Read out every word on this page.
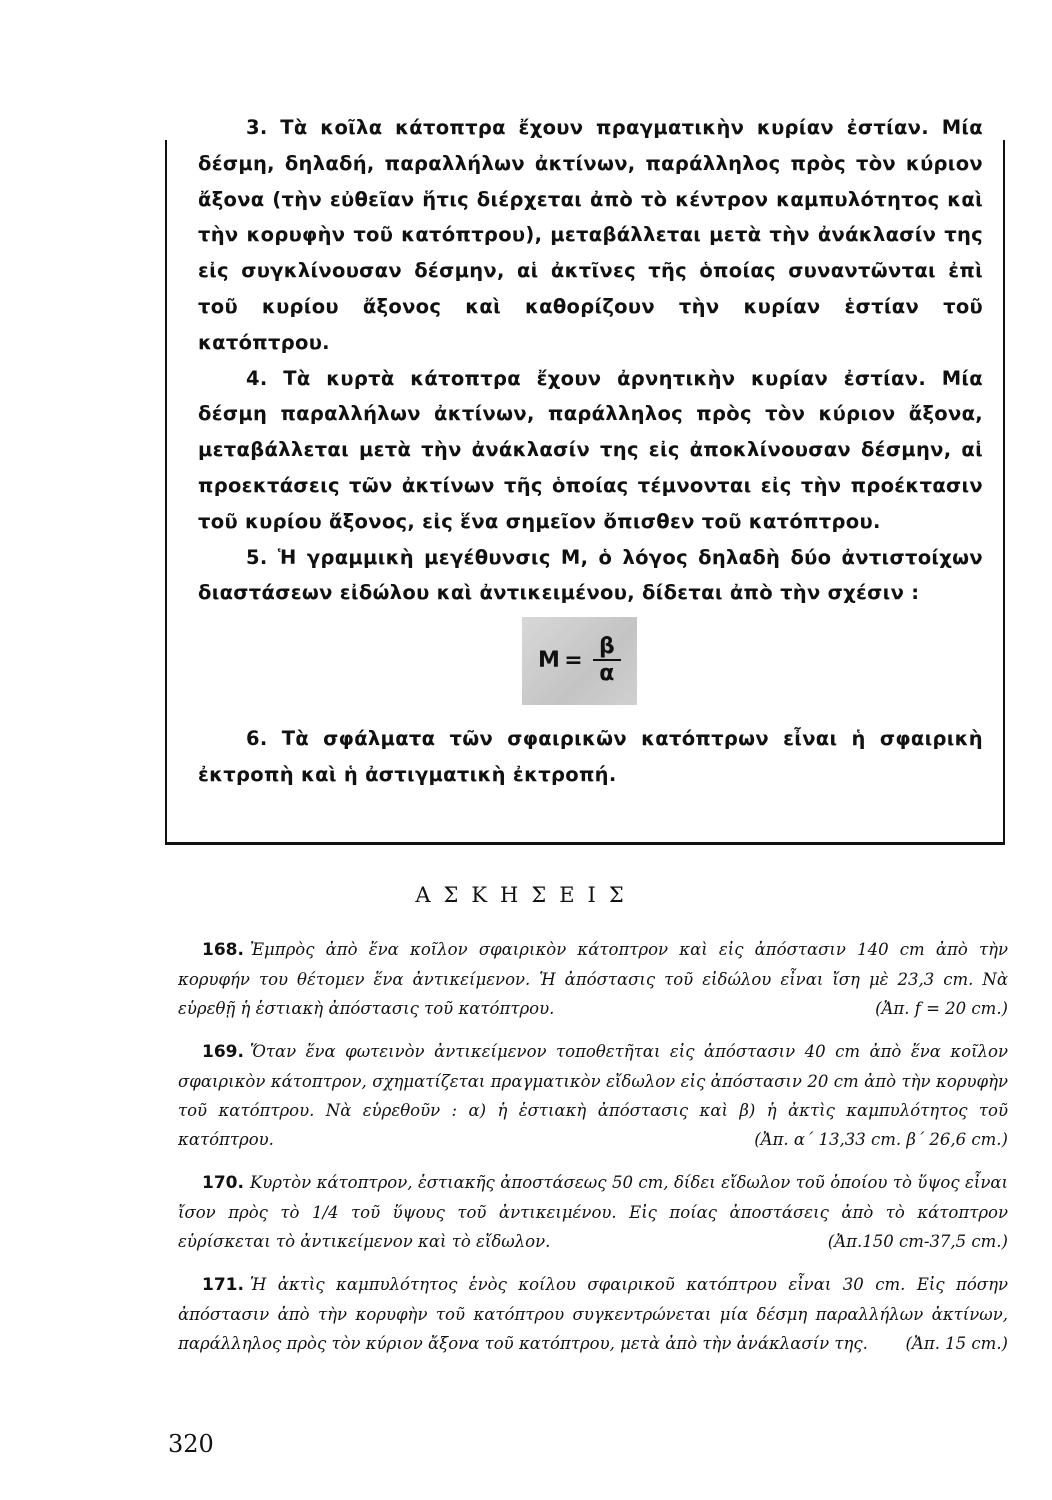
3. Τὰ κοῖλα κάτοπτρα ἔχουν πραγματικὴν κυρίαν ἐστίαν. Μία δέσμη, δηλαδή, παραλλήλων ἀκτίνων, παράλληλος πρὸς τὸν κύριον ἄξονα (τὴν εὐθεῖαν ἥτις διέρχεται ἀπὸ τὸ κέντρον καμπυλότητος καὶ τὴν κορυφὴν τοῦ κατόπτρου), μεταβάλλεται μετὰ τὴν ἀνάκλασίν της εἰς συγκλίνουσαν δέσμην, αἱ ἀκτῖνες τῆς ὁποίας συναντῶνται ἐπὶ τοῦ κυρίου ἄξονος καὶ καθορίζουν τὴν κυρίαν ἑστίαν τοῦ κατόπτρου.

4. Τὰ κυρτὰ κάτοπτρα ἔχουν ἀρνητικὴν κυρίαν ἐστίαν. Μία δέσμη παραλλήλων ἀκτίνων, παράλληλος πρὸς τὸν κύριον ἄξονα, μεταβάλλεται μετὰ τὴν ἀνάκλασίν της εἰς ἀποκλίνουσαν δέσμην, αἱ προεκτάσεις τῶν ἀκτίνων τῆς ὁποίας τέμνονται εἰς τὴν προέκτασιν τοῦ κυρίου ἄξονος, εἰς ἕνα σημεῖον ὄπισθεν τοῦ κατόπτρου.

5. Ἡ γραμμικὴ μεγέθυνσις Μ, ὁ λόγος δηλαδὴ δύο ἀντιστοίχων διαστάσεων εἰδώλου καὶ ἀντικειμένου, δίδεται ἀπὸ τὴν σχέσιν :

$M = \frac{\beta}{\alpha}$

6. Τὰ σφάλματα τῶν σφαιρικῶν κατόπτρων εἶναι ἡ σφαιρικὴ ἐκτροπὴ καὶ ἡ ἀστιγματικὴ ἐκτροπή.

ΑΣΚΗΣΕΙΣ

168. Ἐμπρὸς ἀπὸ ἕνα κοῖλον σφαιρικὸν κάτοπτρον καὶ εἰς ἀπόστασιν 140 cm ἀπὸ τὴν κορυφήν του θέτομεν ἕνα ἀντικείμενον. Ἡ ἀπόστασις τοῦ εἰδώλου εἶναι ἴση μὲ 23,3 cm. Νὰ εὑρεθῇ ἡ ἑστιακὴ ἀπόστασις τοῦ κατόπτρου.	(Ἀπ. f = 20 cm.)

169. Ὅταν ἕνα φωτεινὸν ἀντικείμενον τοποθετῆται εἰς ἀπόστασιν 40 cm ἀπὸ ἕνα κοῖλον σφαιρικὸν κάτοπτρον, σχηματίζεται πραγματικὸν εἴδωλον εἰς ἀπόστασιν 20 cm ἀπὸ τὴν κορυφὴν τοῦ κατόπτρου. Νὰ εὑρεθοῦν : α) ἡ ἑστιακὴ ἀπόστασις καὶ β) ἡ ἀκτὶς καμπυλότητος τοῦ κατόπτρου.	(Ἀπ. α΄ 13,33 cm. β΄ 26,6 cm.)

170. Κυρτὸν κάτοπτρον, ἑστιακῆς ἀποστάσεως 50 cm, δίδει εἴδωλον τοῦ ὁποίου τὸ ὕψος εἶναι ἴσον πρὸς τὸ 1/4 τοῦ ὕψους τοῦ ἀντικειμένου. Εἰς ποίας ἀποστάσεις ἀπὸ τὸ κάτοπτρον εὑρίσκεται τὸ ἀντικείμενον καὶ τὸ εἴδωλον.	(Ἀπ.150 cm-37,5 cm.)

171. Ἡ ἀκτὶς καμπυλότητος ἑνὸς κοίλου σφαιρικοῦ κατόπτρου εἶναι 30 cm. Εἰς πόσην ἀπόστασιν ἀπὸ τὴν κορυφὴν τοῦ κατόπτρου συγκεντρώνεται μία δέσμη παραλλήλων ἀκτίνων, παράλληλος πρὸς τὸν κύριον ἄξονα τοῦ κατόπτρου, μετὰ ἀπὸ τὴν ἀνάκλασίν της.	(Ἀπ. 15 cm.)

320
